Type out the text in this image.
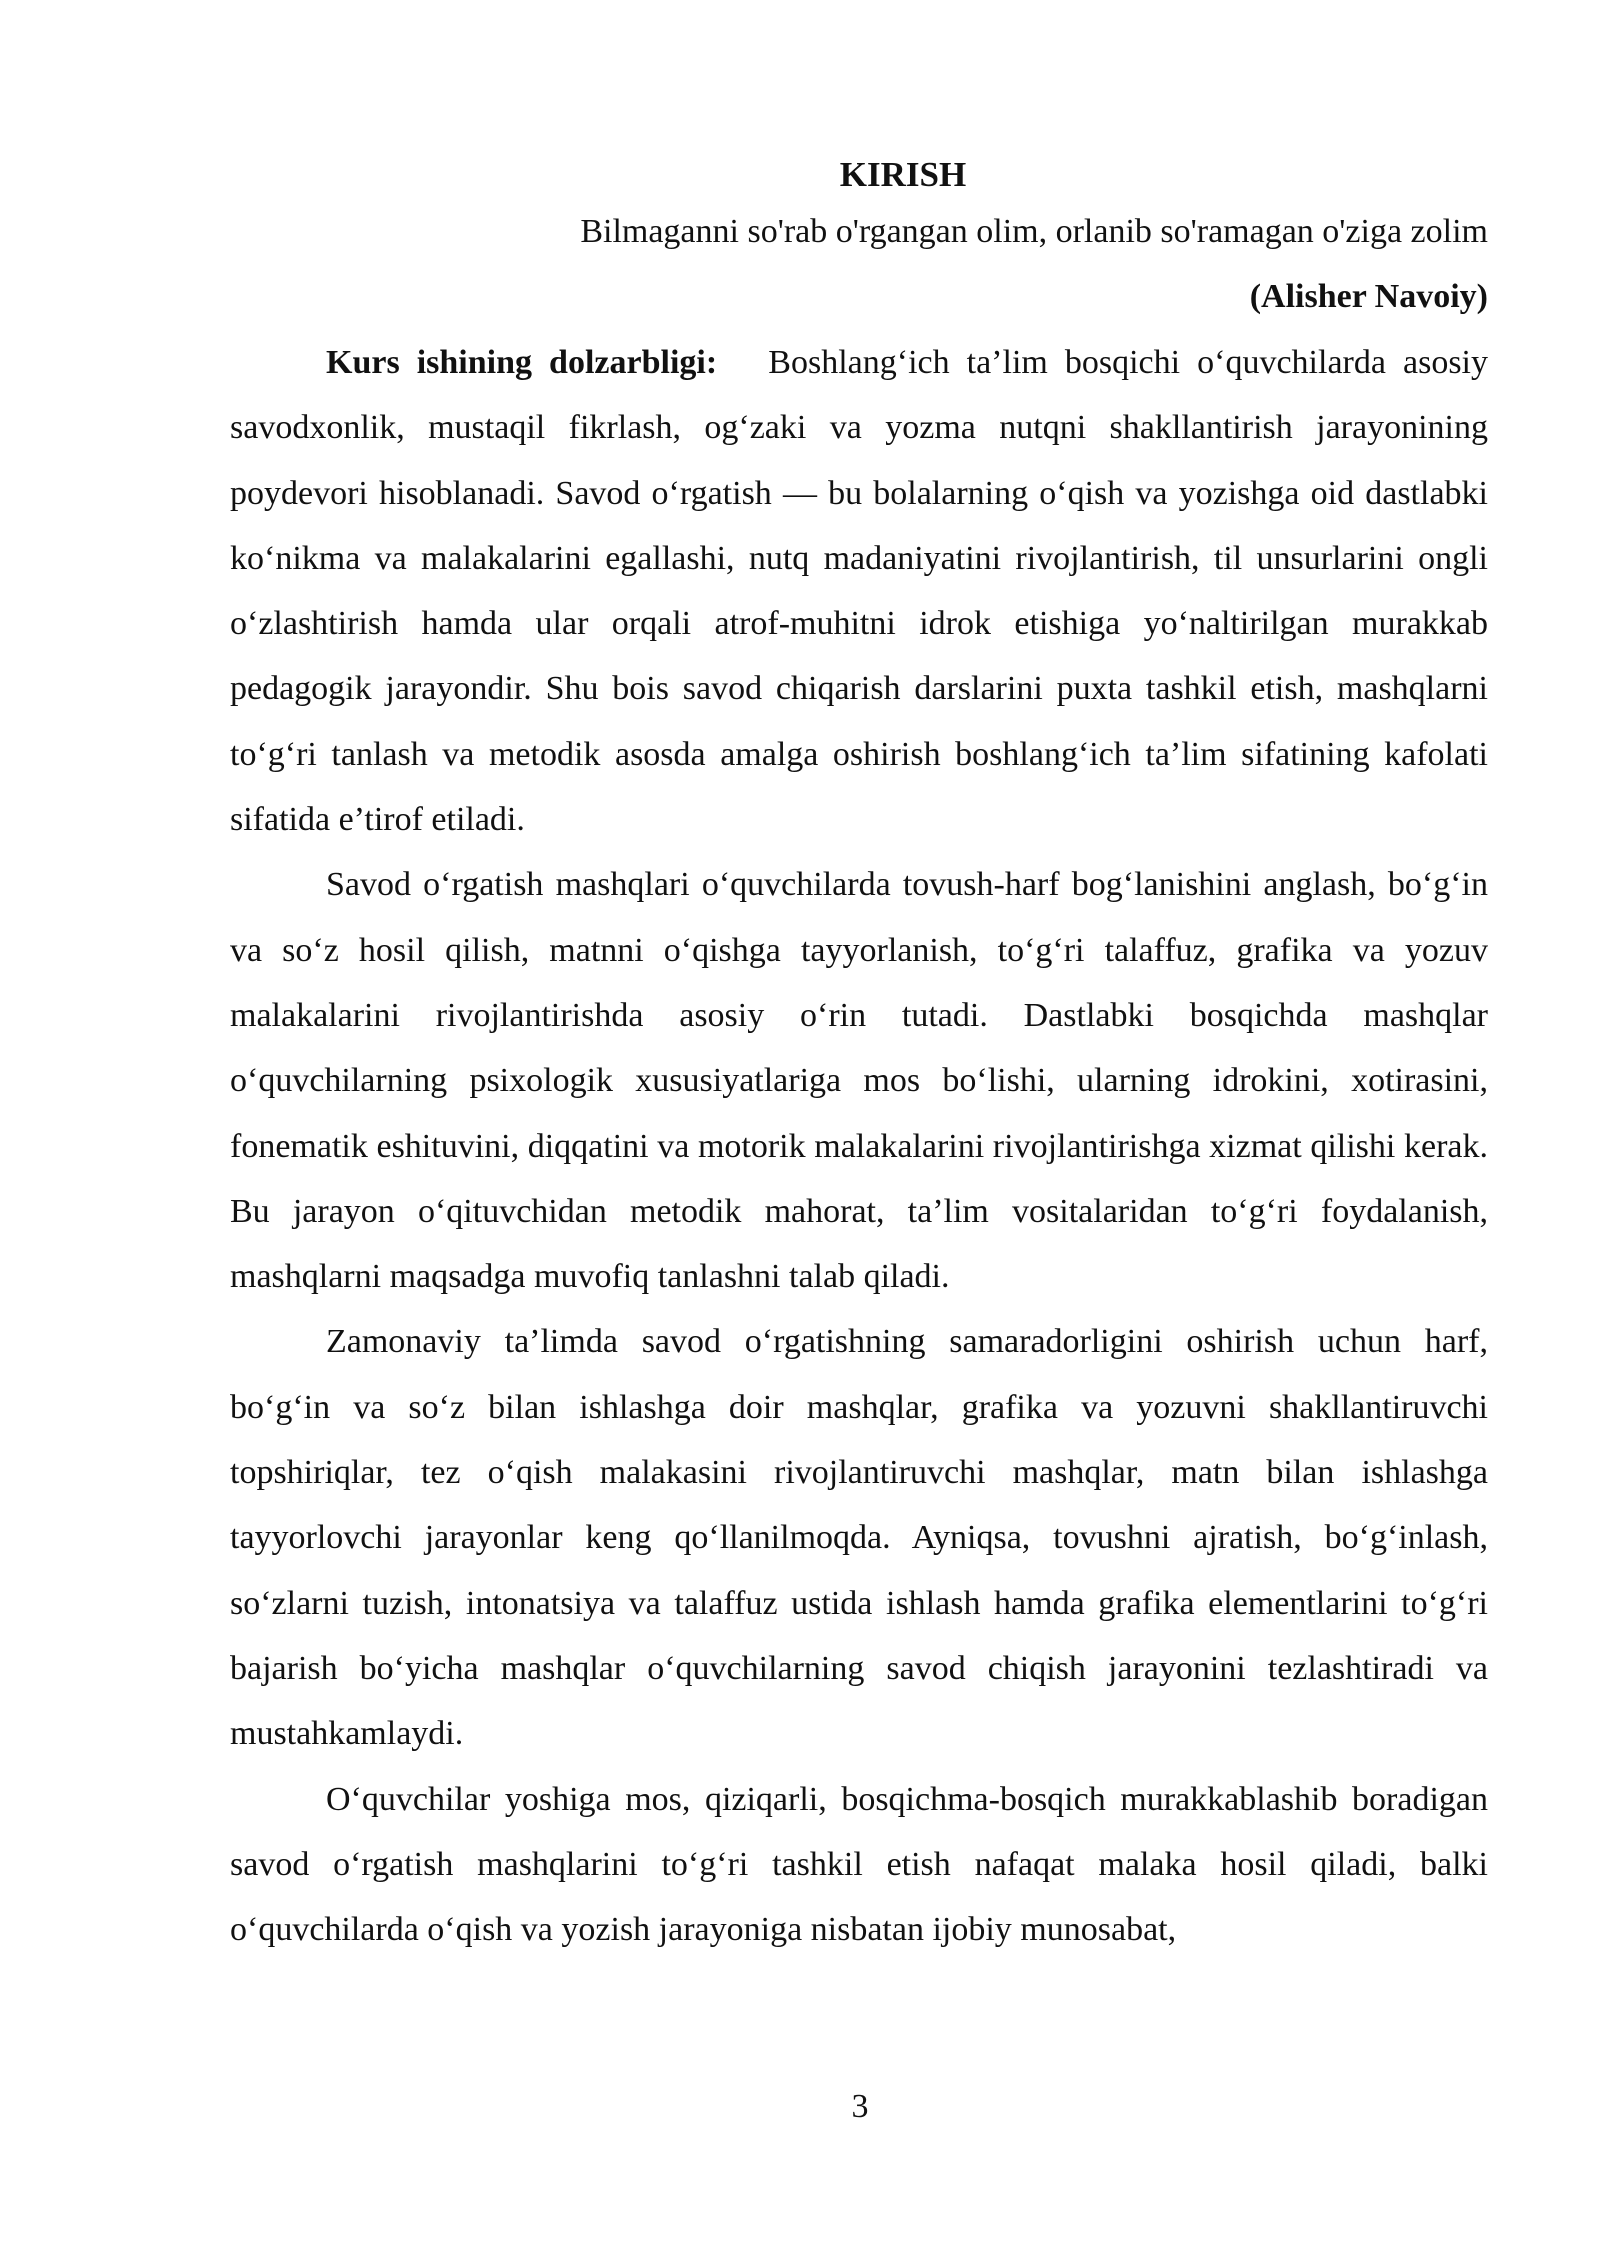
KIRISH

Bilmaganni so'rab o'rgangan olim, orlanib so'ramagan o'ziga zolim

(Alisher Navoiy)

Kurs ishining dolzarbligi: Boshlang‘ich ta’lim bosqichi o‘quvchilarda asosiy savodxonlik, mustaqil fikrlash, og‘zaki va yozma nutqni shakllantirish jarayonining poydevori hisoblanadi. Savod o‘rgatish — bu bolalarning o‘qish va yozishga oid dastlabki ko‘nikma va malakalarini egallashi, nutq madaniyatini rivojlantirish, til unsurlarini ongli o‘zlashtirish hamda ular orqali atrof-muhitni idrok etishiga yo‘naltirilgan murakkab pedagogik jarayondir. Shu bois savod chiqarish darslarini puxta tashkil etish, mashqlarni to‘g‘ri tanlash va metodik asosda amalga oshirish boshlang‘ich ta’lim sifatining kafolati sifatida e’tirof etiladi.

Savod o‘rgatish mashqlari o‘quvchilarda tovush-harf bog‘lanishini anglash, bo‘g‘in va so‘z hosil qilish, matnni o‘qishga tayyorlanish, to‘g‘ri talaffuz, grafika va yozuv malakalarini rivojlantirishda asosiy o‘rin tutadi. Dastlabki bosqichda mashqlar o‘quvchilarning psixologik xususiyatlariga mos bo‘lishi, ularning idrokini, xotirasini, fonematik eshituvini, diqqatini va motorik malakalarini rivojlantirishga xizmat qilishi kerak. Bu jarayon o‘qituvchidan metodik mahorat, ta’lim vositalaridan to‘g‘ri foydalanish, mashqlarni maqsadga muvofiq tanlashni talab qiladi.

Zamonaviy ta’limda savod o‘rgatishning samaradorligini oshirish uchun harf, bo‘g‘in va so‘z bilan ishlashga doir mashqlar, grafika va yozuvni shakllantiruvchi topshiriqlar, tez o‘qish malakasini rivojlantiruvchi mashqlar, matn bilan ishlashga tayyorlovchi jarayonlar keng qo‘llanilmoqda. Ayniqsa, tovushni ajratish, bo‘g‘inlash, so‘zlarni tuzish, intonatsiya va talaffuz ustida ishlash hamda grafika elementlarini to‘g‘ri bajarish bo‘yicha mashqlar o‘quvchilarning savod chiqish jarayonini tezlashtiradi va mustahkamlaydi.

O‘quvchilar yoshiga mos, qiziqarli, bosqichma-bosqich murakkablashib boradigan savod o‘rgatish mashqlarini to‘g‘ri tashkil etish nafaqat malaka hosil qiladi, balki o‘quvchilarda o‘qish va yozish jarayoniga nisbatan ijobiy munosabat,

3
